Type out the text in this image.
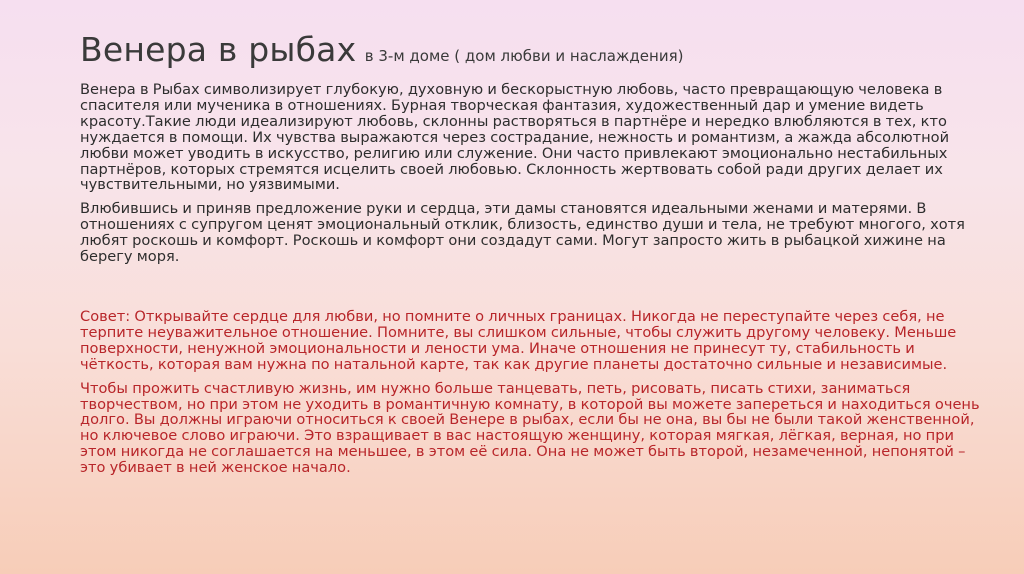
Венера в рыбах в 3-м доме ( дом любви и наслаждения)

Венера в Рыбах символизирует глубокую, духовную и бескорыстную любовь, часто превращающую человека в спасителя или мученика в отношениях. Бурная творческая фантазия, художественный дар и умение видеть красоту.Такие люди идеализируют любовь, склонны растворяться в партнёре и нередко влюбляются в тех, кто нуждается в помощи. Их чувства выражаются через сострадание, нежность и романтизм, а жажда абсолютной любви может уводить в искусство, религию или служение. Они часто привлекают эмоционально нестабильных партнёров, которых стремятся исцелить своей любовью. Склонность жертвовать собой ради других делает их чувствительными, но уязвимыми.

Влюбившись и приняв предложение руки и сердца, эти дамы становятся идеальными женами и матерями. В отношениях с супругом ценят эмоциональный отклик, близость, единство души и тела, не требуют многого, хотя любят роскошь и комфорт. Роскошь и комфорт они создадут сами. Могут запросто жить в рыбацкой хижине на берегу моря.

Совет: Открывайте сердце для любви, но помните о личных границах. Никогда не переступайте через себя, не терпите неуважительное отношение. Помните, вы слишком сильные, чтобы служить другому человеку. Меньше поверхности, ненужной эмоциональности и лености ума. Иначе отношения не принесут ту, стабильность и чёткость, которая вам нужна по натальной карте, так как другие планеты достаточно сильные и независимые.

Чтобы прожить счастливую жизнь, им нужно больше танцевать, петь, рисовать, писать стихи, заниматься творчеством, но при этом не уходить в романтичную комнату, в которой вы можете запереться и находиться очень долго. Вы должны играючи относиться к своей Венере в рыбах, если бы не она, вы бы не были такой женственной, но ключевое слово играючи. Это взращивает в вас настоящую женщину, которая мягкая, лёгкая, верная, но при этом никогда не соглашается на меньшее, в этом её сила. Она не может быть второй, незамеченной, непонятой – это убивает в ней женское начало.
